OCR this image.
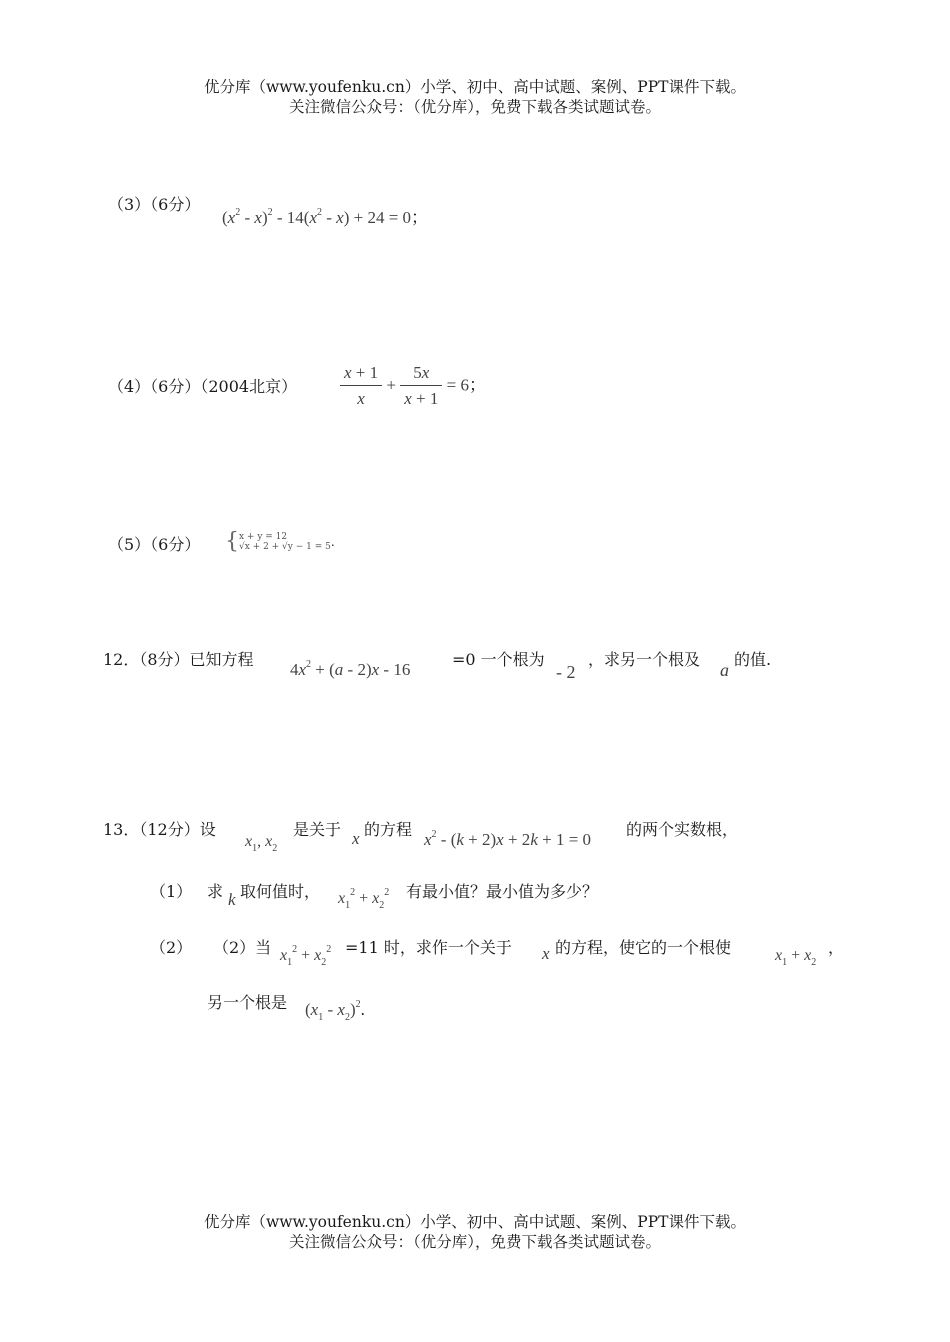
优分库（www.youfenku.cn）小学、初中、高中试题、案例、PPT课件下载。
关注微信公众号：（优分库），免费下载各类试题试卷。
（3）（6分）
$(x^2 - x)^2 - 14(x^2 - x) + 24 = 0$；
（4）（6分）（2004北京）	$\frac{x + 1}{x} + \frac{5x}{x + 1} = 6$；
（5）（6分） { x + y = 12
√x + 2 + √y − 1 = 5 .
12．（8分）已知方程
$4x^2 + (a - 2)x - 16$
=0 一个根为
- 2
，求另一个根及
a
的值.
13．（12分）设
$x_1$, $x_2$
是关于 x 的方程
$x^2 - (k + 2)x + 2k + 1 = 0$
的两个实数根，
（1） 求 k 取何值时， $x_1^2 + x_2^2$ 有最小值？最小值为多少？
（2） （2）当 $x_1^2 + x_2^2 =11$ 时，求作一个关于 x 的方程，使它的一个根使	$x_1 + x_2$
，
另一个根是 $(x_1 - x_2)^2$.
优分库（www.youfenku.cn）小学、初中、高中试题、案例、PPT课件下载。
关注微信公众号：（优分库），免费下载各类试题试卷。
